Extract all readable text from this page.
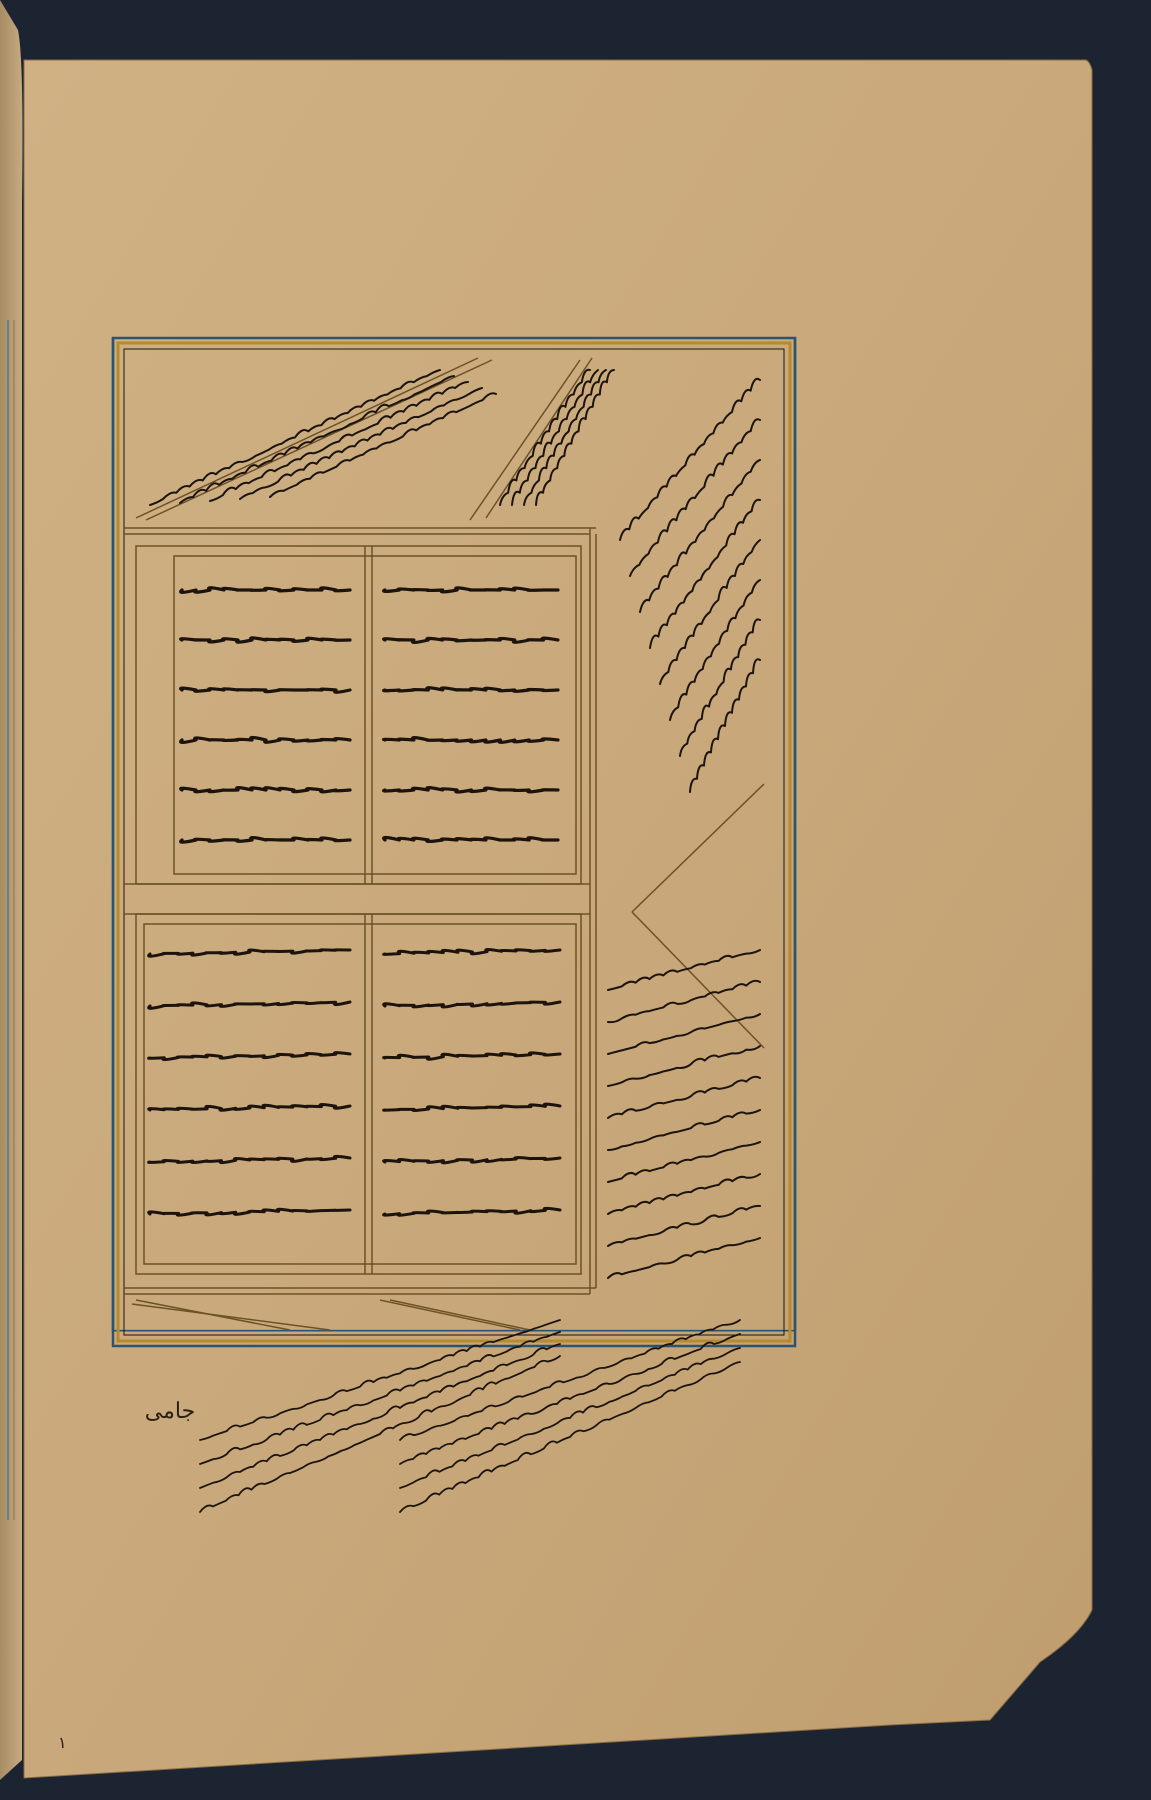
جامی
١
